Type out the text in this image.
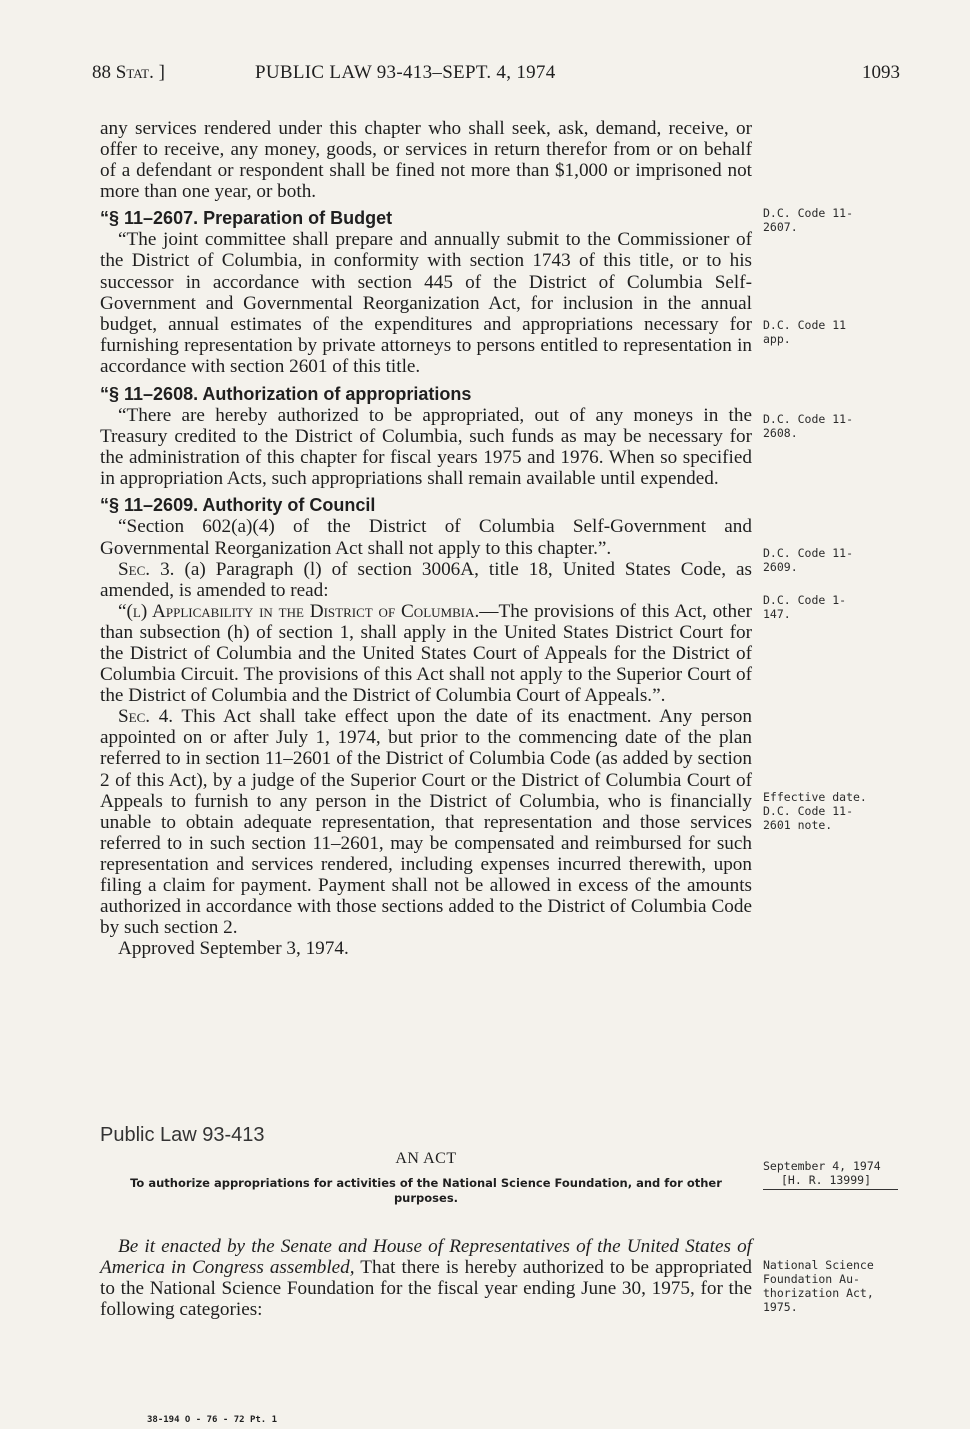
88 Stat. ]	PUBLIC LAW 93-413–SEPT. 4, 1974	1093

any services rendered under this chapter who shall seek, ask, demand, receive, or offer to receive, any money, goods, or services in return therefor from or on behalf of a defendant or respondent shall be fined not more than $1,000 or imprisoned not more than one year, or both.

“§ 11–2607. Preparation of Budget

“The joint committee shall prepare and annually submit to the Commissioner of the District of Columbia, in conformity with section 1743 of this title, or to his successor in accordance with section 445 of the District of Columbia Self-Government and Governmental Reorganization Act, for inclusion in the annual budget, annual estimates of the expenditures and appropriations necessary for furnishing representation by private attorneys to persons entitled to representation in accordance with section 2601 of this title.

“§ 11–2608. Authorization of appropriations

“There are hereby authorized to be appropriated, out of any moneys in the Treasury credited to the District of Columbia, such funds as may be necessary for the administration of this chapter for fiscal years 1975 and 1976. When so specified in appropriation Acts, such appropriations shall remain available until expended.

“§ 11–2609. Authority of Council

“Section 602(a)(4) of the District of Columbia Self-Government and Governmental Reorganization Act shall not apply to this chapter.”.

Sec. 3. (a) Paragraph (l) of section 3006A, title 18, United States Code, as amended, is amended to read:

“(l) Applicability in the District of Columbia.—The provisions of this Act, other than subsection (h) of section 1, shall apply in the United States District Court for the District of Columbia and the United States Court of Appeals for the District of Columbia Circuit. The provisions of this Act shall not apply to the Superior Court of the District of Columbia and the District of Columbia Court of Appeals.”.

Sec. 4. This Act shall take effect upon the date of its enactment. Any person appointed on or after July 1, 1974, but prior to the commencing date of the plan referred to in section 11–2601 of the District of Columbia Code (as added by section 2 of this Act), by a judge of the Superior Court or the District of Columbia Court of Appeals to furnish to any person in the District of Columbia, who is financially unable to obtain adequate representation, that representation and those services referred to in such section 11–2601, may be compensated and reimbursed for such representation and services rendered, including expenses incurred therewith, upon filing a claim for payment. Payment shall not be allowed in excess of the amounts authorized in accordance with those sections added to the District of Columbia Code by such section 2.

Approved September 3, 1974.

Public Law 93-413
AN ACT
To authorize appropriations for activities of the National Science Foundation, and for other purposes.

Be it enacted by the Senate and House of Representatives of the United States of America in Congress assembled, That there is hereby authorized to be appropriated to the National Science Foundation for the fiscal year ending June 30, 1975, for the following categories:

D.C. Code 11-
2607.
D.C. Code 11
app.
D.C. Code 11-
2608.
D.C. Code 11-
2609.
D.C. Code 1-
147.
Effective date.
D.C. Code 11-
2601 note.
September 4, 1974
[H. R. 13999]
National Science
Foundation Au-
thorization Act,
1975.
38-194 O - 76 - 72 Pt. 1
